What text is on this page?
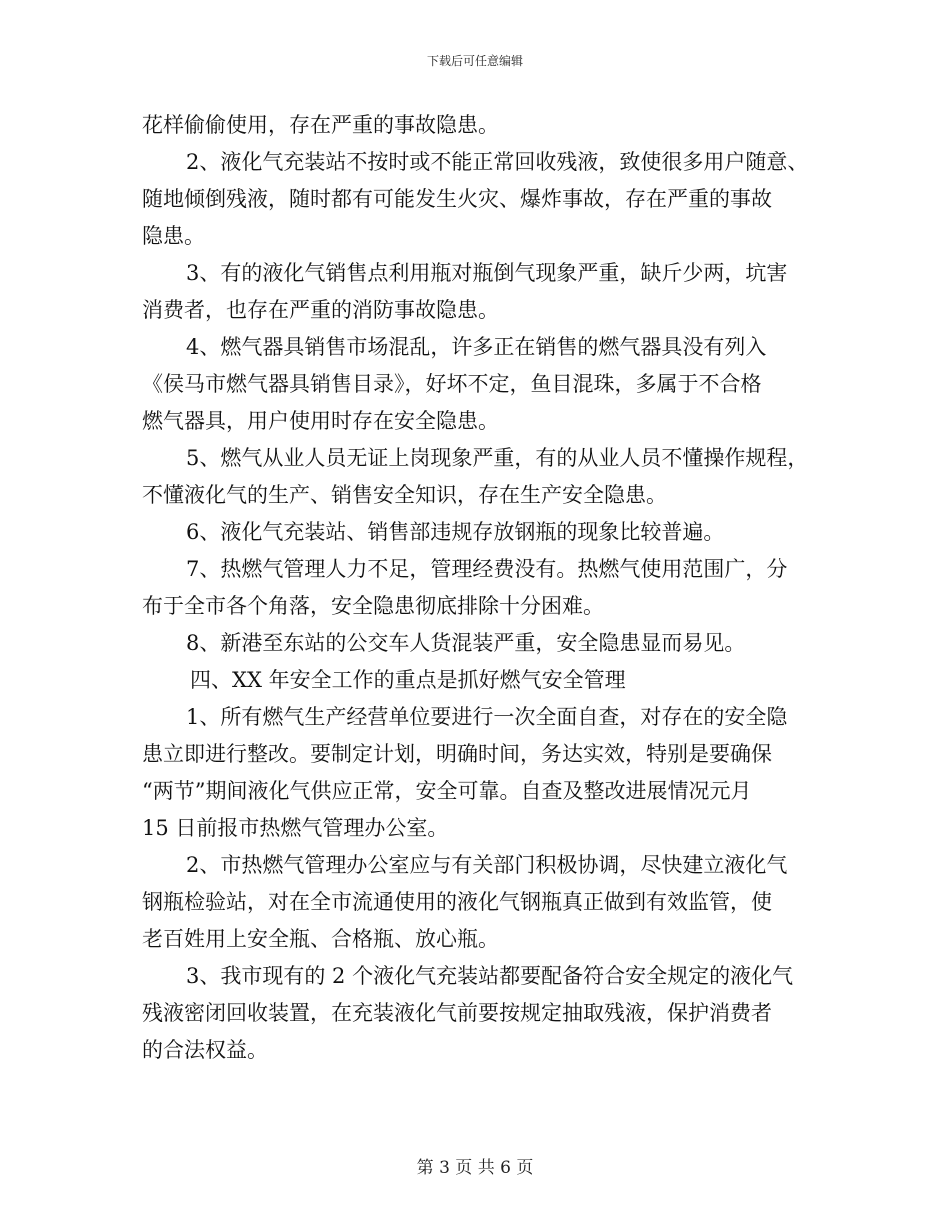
下载后可任意编辑
花样偷偷使用，存在严重的事故隐患。
2、液化气充装站不按时或不能正常回收残液，致使很多用户随意、
随地倾倒残液，随时都有可能发生火灾、爆炸事故，存在严重的事故
隐患。
3、有的液化气销售点利用瓶对瓶倒气现象严重，缺斤少两，坑害
消费者，也存在严重的消防事故隐患。
4、燃气器具销售市场混乱，许多正在销售的燃气器具没有列入
《侯马市燃气器具销售目录》，好坏不定，鱼目混珠，多属于不合格
燃气器具，用户使用时存在安全隐患。
5、燃气从业人员无证上岗现象严重，有的从业人员不懂操作规程，
不懂液化气的生产、销售安全知识，存在生产安全隐患。
6、液化气充装站、销售部违规存放钢瓶的现象比较普遍。
7、热燃气管理人力不足，管理经费没有。热燃气使用范围广，分
布于全市各个角落，安全隐患彻底排除十分困难。
8、新港至东站的公交车人货混装严重，安全隐患显而易见。
四、XX 年安全工作的重点是抓好燃气安全管理
1、所有燃气生产经营单位要进行一次全面自查，对存在的安全隐
患立即进行整改。要制定计划，明确时间，务达实效，特别是要确保
“两节”期间液化气供应正常，安全可靠。自查及整改进展情况元月
15 日前报市热燃气管理办公室。
2、市热燃气管理办公室应与有关部门积极协调，尽快建立液化气
钢瓶检验站，对在全市流通使用的液化气钢瓶真正做到有效监管，使
老百姓用上安全瓶、合格瓶、放心瓶。
3、我市现有的 2 个液化气充装站都要配备符合安全规定的液化气
残液密闭回收装置，在充装液化气前要按规定抽取残液，保护消费者
的合法权益。
第 3 页 共 6 页
